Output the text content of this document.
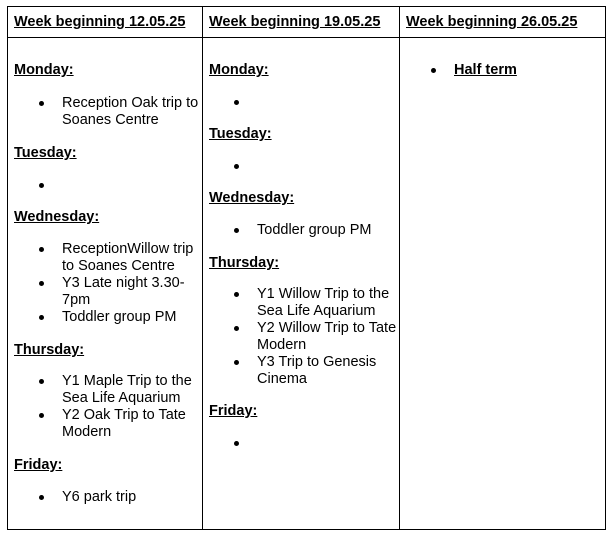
Week beginning 12.05.25 Week beginning 19.05.25 Week beginning 26.05.25

Monday:

Reception Oak trip to Soanes Centre

Tuesday:

Wednesday:

ReceptionWillow trip to Soanes Centre
Y3 Late night 3.30-7pm
Toddler group PM

Thursday:

Y1 Maple Trip to the Sea Life Aquarium
Y2 Oak Trip to Tate Modern

Friday:

Y6 park trip

Monday:

Tuesday:

Wednesday:

Toddler group PM

Thursday:

Y1 Willow Trip to the Sea Life Aquarium
Y2 Willow Trip to Tate Modern
Y3 Trip to Genesis Cinema

Friday:

Half term
